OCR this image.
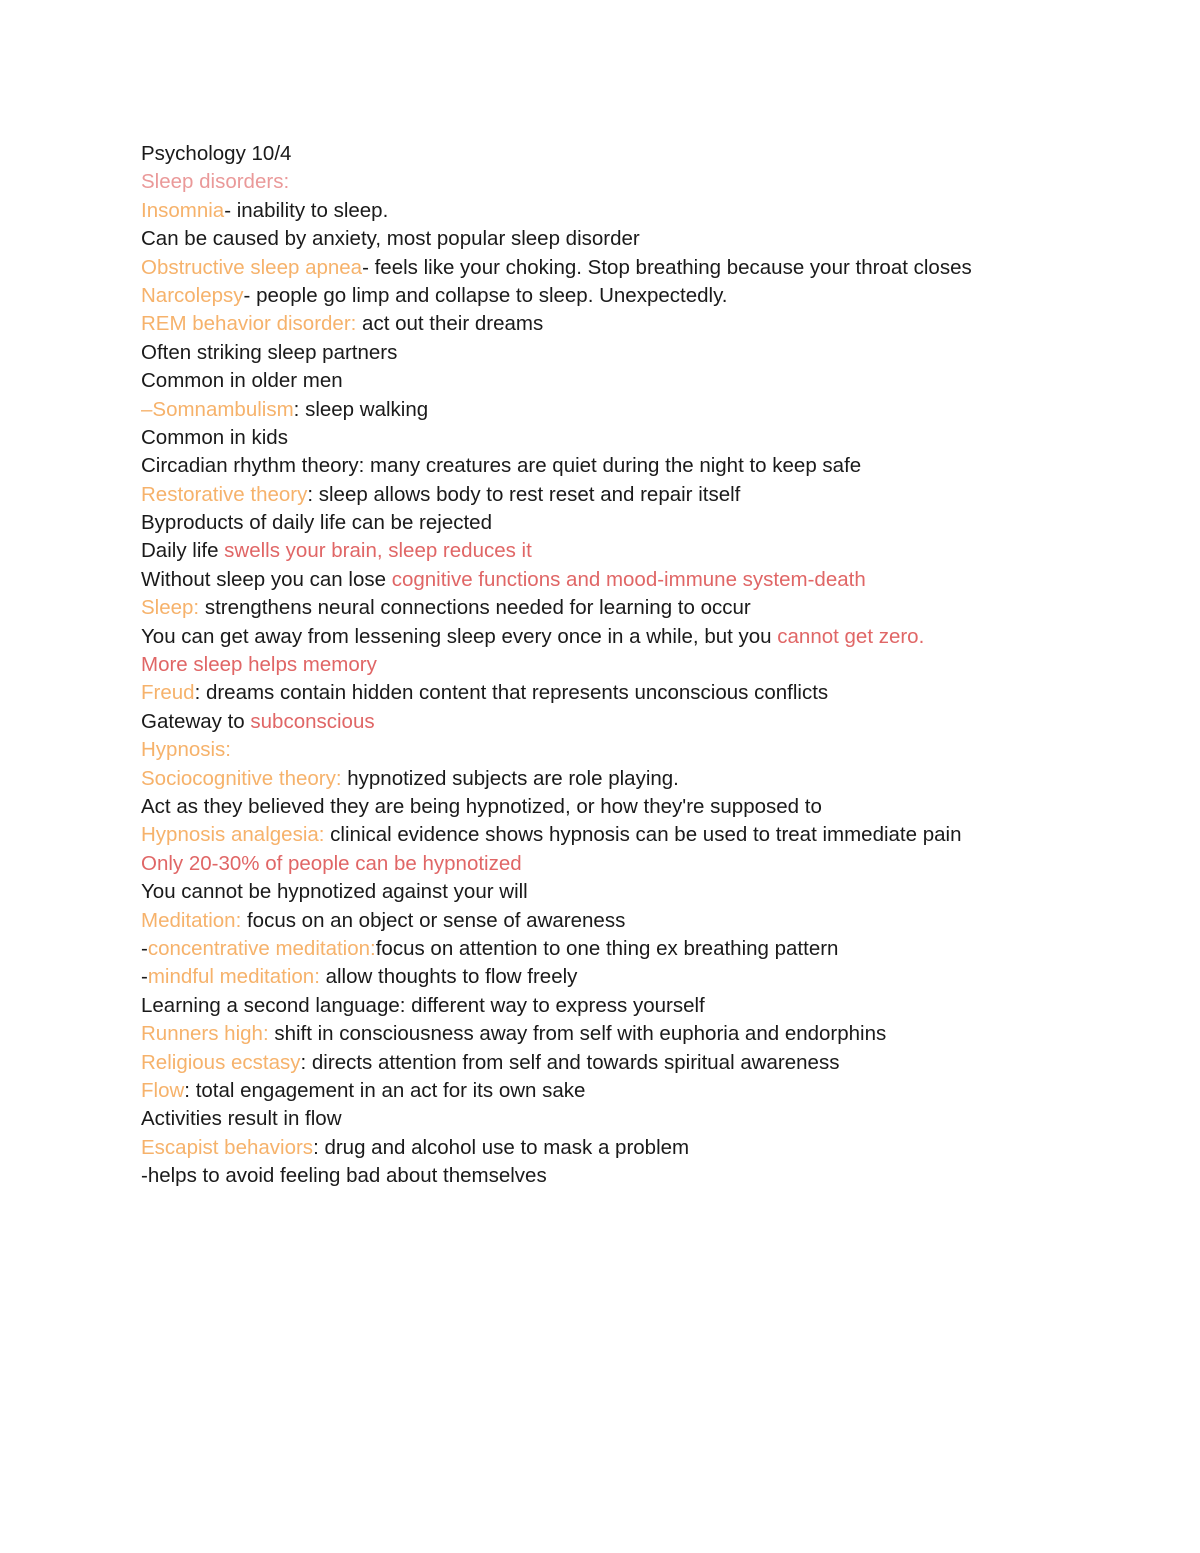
Psychology 10/4
Sleep disorders:
Insomnia- inability to sleep.
Can be caused by anxiety, most popular sleep disorder
Obstructive sleep apnea- feels like your choking. Stop breathing because your throat closes
Narcolepsy- people go limp and collapse to sleep. Unexpectedly.
REM behavior disorder: act out their dreams
Often striking sleep partners
Common in older men
–Somnambulism: sleep walking
Common in kids
Circadian rhythm theory: many creatures are quiet during the night to keep safe
Restorative theory: sleep allows body to rest reset and repair itself
Byproducts of daily life can be rejected
Daily life swells your brain, sleep reduces it
Without sleep you can lose cognitive functions and mood-immune system-death
Sleep: strengthens neural connections needed for learning to occur
You can get away from lessening sleep every once in a while, but you cannot get zero.
More sleep helps memory
Freud: dreams contain hidden content that represents unconscious conflicts
Gateway to subconscious
Hypnosis:
Sociocognitive theory: hypnotized subjects are role playing.
Act as they believed they are being hypnotized, or how they're supposed to
Hypnosis analgesia: clinical evidence shows hypnosis can be used to treat immediate pain
Only 20-30% of people can be hypnotized
You cannot be hypnotized against your will
Meditation: focus on an object or sense of awareness
-concentrative meditation:focus on attention to one thing ex breathing pattern
-mindful meditation: allow thoughts to flow freely
Learning a second language: different way to express yourself
Runners high: shift in consciousness away from self with euphoria and endorphins
Religious ecstasy: directs attention from self and towards spiritual awareness
Flow: total engagement in an act for its own sake
Activities result in flow
Escapist behaviors: drug and alcohol use to mask a problem
-helps to avoid feeling bad about themselves
